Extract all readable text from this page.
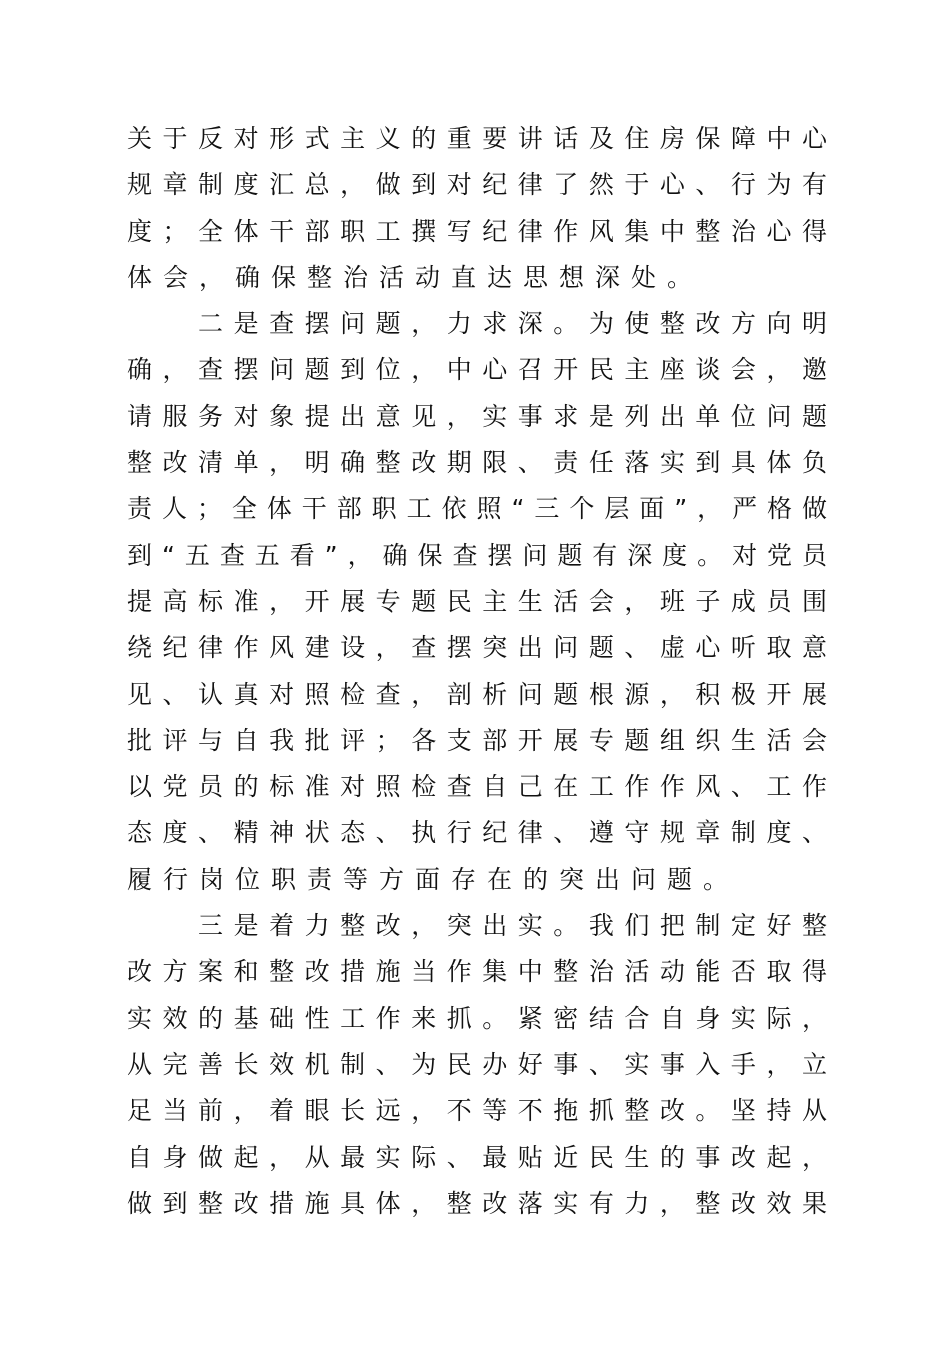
关于反对形式主义的重要讲话及住房保障中心
规章制度汇总，做到对纪律了然于心、行为有
度；全体干部职工撰写纪律作风集中整治心得
体会，确保整治活动直达思想深处。
　　二是查摆问题，力求深。为使整改方向明
确，查摆问题到位，中心召开民主座谈会，邀
请服务对象提出意见，实事求是列出单位问题
整改清单，明确整改期限、责任落实到具体负
责人；全体干部职工依照“三个层面”，严格做
到“五查五看”，确保查摆问题有深度。对党员
提高标准，开展专题民主生活会，班子成员围
绕纪律作风建设，查摆突出问题、虚心听取意
见、认真对照检查，剖析问题根源，积极开展
批评与自我批评；各支部开展专题组织生活会
以党员的标准对照检查自己在工作作风、工作
态度、精神状态、执行纪律、遵守规章制度、
履行岗位职责等方面存在的突出问题。
　　三是着力整改，突出实。我们把制定好整
改方案和整改措施当作集中整治活动能否取得
实效的基础性工作来抓。紧密结合自身实际，
从完善长效机制、为民办好事、实事入手，立
足当前，着眼长远，不等不拖抓整改。坚持从
自身做起，从最实际、最贴近民生的事改起，
做到整改措施具体，整改落实有力，整改效果
